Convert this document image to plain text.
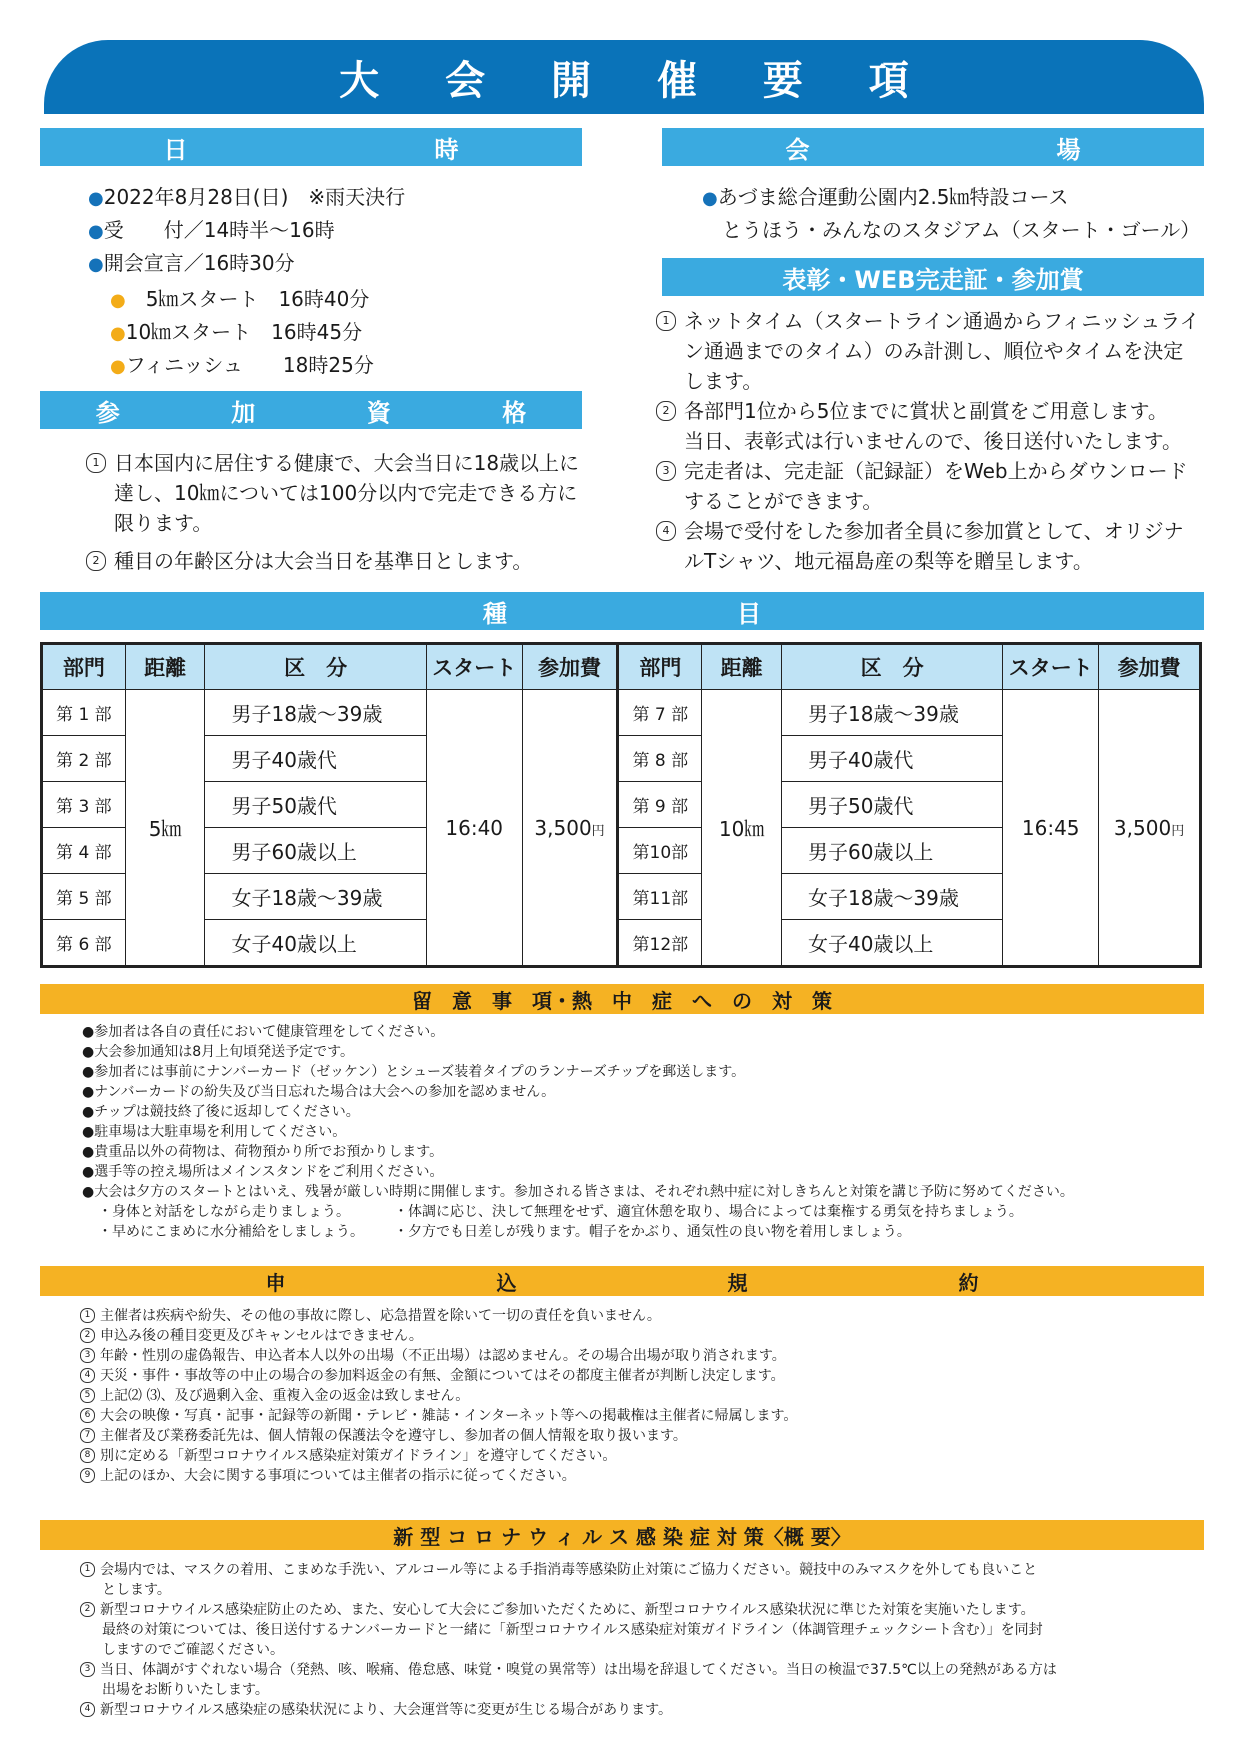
大 会 開 催 要 項
日	時	会	場
●2022年8月28日(日)　※雨天決行
●受　　付／14時半～16時
●開会宣言／16時30分
●　5㎞スタート　16時40分
●10㎞スタート　16時45分
●フィニッシュ　　18時25分
●あづま総合運動公園内2.5㎞特設コース
とうほう・みんなのスタジアム（スタート・ゴール）
表彰・WEB完走証・参加賞
1 ネットタイム（スタートライン通過からフィニッシュライ
ン通過までのタイム）のみ計測し、順位やタイムを決定
します。
2 各部門1位から5位までに賞状と副賞をご用意します。
当日、表彰式は行いませんので、後日送付いたします。
3 完走者は、完走証（記録証）をWeb上からダウンロード
することができます。
4 会場で受付をした参加者全員に参加賞として、オリジナ
ルTシャツ、地元福島産の梨等を贈呈します。
参	加	資	格
1 日本国内に居住する健康で、大会当日に18歳以上に
達し、10㎞については100分以内で完走できる方に
限ります。
2 種目の年齢区分は大会当日を基準日とします。
種	目
部門	距離	区　分	スタート	参加費	部門	距離	区　分	スタート	参加費
第 1 部	5㎞	男子18歳～39歳	16:40	3,500円	第 7 部	10㎞	男子18歳～39歳	16:45	3,500円
第 2 部		男子40歳代			第 8 部		男子40歳代		
第 3 部		男子50歳代			第 9 部		男子50歳代		
第 4 部		男子60歳以上			第10部		男子60歳以上		
第 5 部		女子18歳～39歳			第11部		女子18歳～39歳		
第 6 部		女子40歳以上			第12部		女子40歳以上		
留　意　事　項・熱　中　症　へ　の　対　策
●参加者は各自の責任において健康管理をしてください。
●大会参加通知は8月上旬頃発送予定です。
●参加者には事前にナンバーカード（ゼッケン）とシューズ装着タイプのランナーズチップを郵送します。
●ナンバーカードの紛失及び当日忘れた場合は大会への参加を認めません。
●チップは競技終了後に返却してください。
●駐車場は大駐車場を利用してください。
●貴重品以外の荷物は、荷物預かり所でお預かりします。
●選手等の控え場所はメインスタンドをご利用ください。
●大会は夕方のスタートとはいえ、残暑が厳しい時期に開催します。参加される皆さまは、それぞれ熱中症に対しきちんと対策を講じ予防に努めてください。
・身体と対話をしながら走りましょう。	・体調に応じ、決して無理をせず、適宜休憩を取り、場合によっては棄権する勇気を持ちましょう。
・早めにこまめに水分補給をしましょう。 ・夕方でも日差しが残ります。帽子をかぶり、通気性の良い物を着用しましょう。
申	込	規	約
1 主催者は疾病や紛失、その他の事故に際し、応急措置を除いて一切の責任を負いません。
2 申込み後の種目変更及びキャンセルはできません。
3 年齢・性別の虚偽報告、申込者本人以外の出場（不正出場）は認めません。その場合出場が取り消されます。
4 天災・事件・事故等の中止の場合の参加料返金の有無、金額についてはその都度主催者が判断し決定します。
5 上記⑵ ⑶、及び過剰入金、重複入金の返金は致しません。
6 大会の映像・写真・記事・記録等の新聞・テレビ・雑誌・インターネット等への掲載権は主催者に帰属します。
7 主催者及び業務委託先は、個人情報の保護法令を遵守し、参加者の個人情報を取り扱います。
8 別に定める「新型コロナウイルス感染症対策ガイドライン」を遵守してください。
9 上記のほか、大会に関する事項については主催者の指示に従ってください。
新 型 コ ロ ナ ウ ィ ル ス 感 染 症 対 策〈概 要〉
1 会場内では、マスクの着用、こまめな手洗い、アルコール等による手指消毒等感染防止対策にご協力ください。競技中のみマスクを外しても良いこと
とします。
2 新型コロナウイルス感染症防止のため、また、安心して大会にご参加いただくために、新型コロナウイルス感染状況に準じた対策を実施いたします。
最終の対策については、後日送付するナンバーカードと一緒に「新型コロナウイルス感染症対策ガイドライン（体調管理チェックシート含む）」を同封
しますのでご確認ください。
3 当日、体調がすぐれない場合（発熱、咳、喉痛、倦怠感、味覚・嗅覚の異常等）は出場を辞退してください。当日の検温で37.5℃以上の発熱がある方は
出場をお断りいたします。
4 新型コロナウイルス感染症の感染状況により、大会運営等に変更が生じる場合があります。
